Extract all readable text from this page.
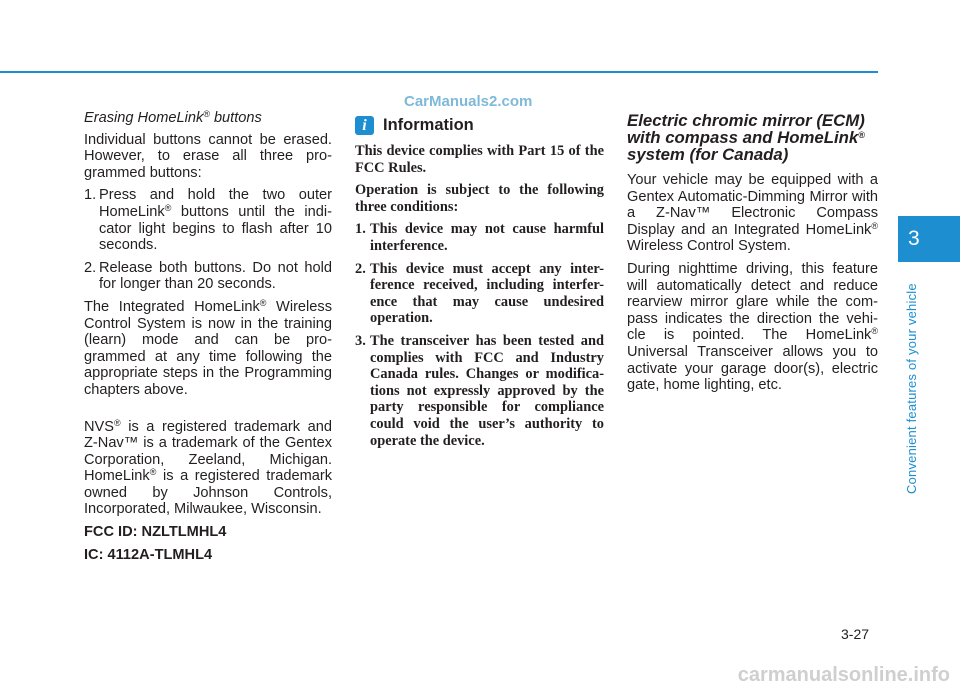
CarManuals2.com

Erasing HomeLink® buttons

Individual buttons cannot be erased. However, to erase all three pro-grammed buttons:

1. Press and hold the two outer HomeLink® buttons until the indi-cator light begins to flash after 10 seconds.
2. Release both buttons. Do not hold for longer than 20 seconds.

The Integrated HomeLink® Wireless Control System is now in the training (learn) mode and can be pro-grammed at any time following the appropriate steps in the Programming chapters above.

NVS® is a registered trademark and Z-Nav™ is a trademark of the Gentex Corporation, Zeeland, Michigan. HomeLink® is a registered trademark owned by Johnson Controls, Incorporated, Milwaukee, Wisconsin.

FCC ID: NZLTLMHL4

IC: 4112A-TLMHL4

i Information

This device complies with Part 15 of the FCC Rules.

Operation is subject to the following three conditions:

1. This device may not cause harmful interference.
2. This device must accept any inter-ference received, including interfer-ence that may cause undesired operation.
3. The transceiver has been tested and complies with FCC and Industry Canada rules. Changes or modifica-tions not expressly approved by the party responsible for compliance could void the user’s authority to operate the device.

Electric chromic mirror (ECM) with compass and HomeLink®
system (for Canada)

Your vehicle may be equipped with a Gentex Automatic-Dimming Mirror with a Z-Nav™ Electronic Compass Display and an Integrated HomeLink® Wireless Control System.

During nighttime driving, this feature will automatically detect and reduce rearview mirror glare while the com-pass indicates the direction the vehi-cle is pointed. The HomeLink® Universal Transceiver allows you to activate your garage door(s), electric gate, home lighting, etc.

3
Convenient features of your vehicle
3-27
carmanualsonline.info
